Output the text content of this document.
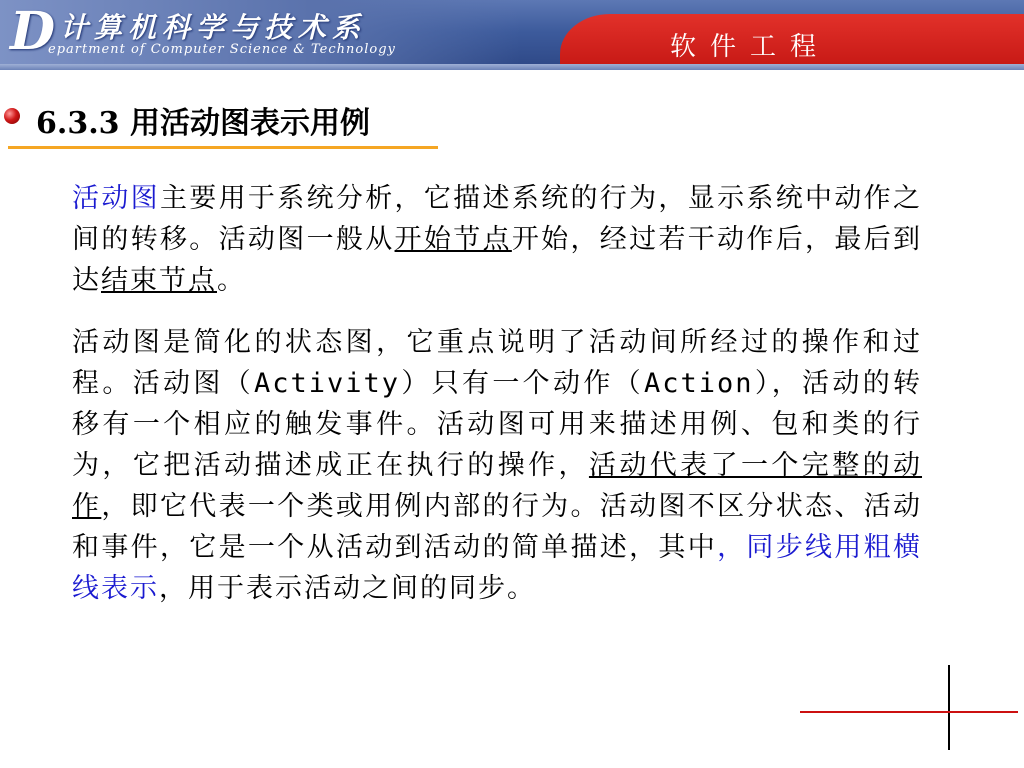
D 计算机科学与技术系
epartment of Computer Science & Technology	软件工程
6.3.3 用活动图表示用例
活动图主要用于系统分析，它描述系统的行为，显示系统中动作之间的转移。活动图一般从开始节点开始，经过若干动作后，最后到达结束节点。
活动图是简化的状态图，它重点说明了活动间所经过的操作和过程。活动图（Activity）只有一个动作（Action），活动的转移有一个相应的触发事件。活动图可用来描述用例、包和类的行为，它把活动描述成正在执行的操作，活动代表了一个完整的动作，即它代表一个类或用例内部的行为。活动图不区分状态、活动和事件，它是一个从活动到活动的简单描述，其中，同步线用粗横线表示，用于表示活动之间的同步。
